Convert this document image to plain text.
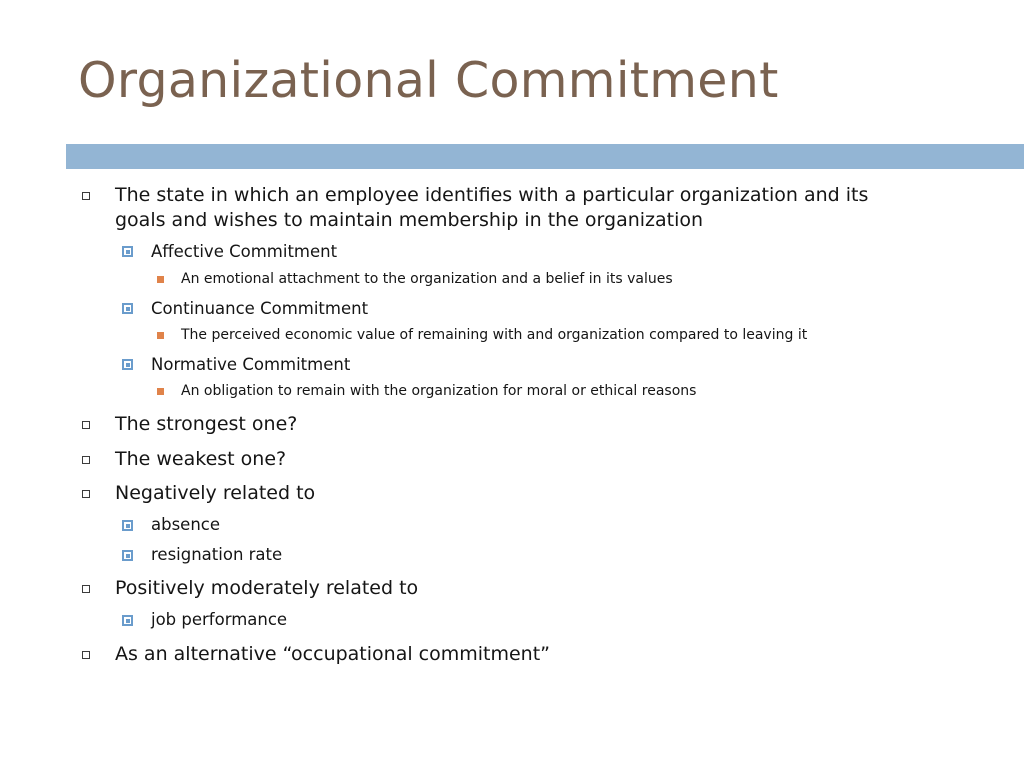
Organizational Commitment
The state in which an employee identifies with a particular organization and its
goals and wishes to maintain membership in the organization
Affective Commitment
An emotional attachment to the organization and a belief in its values
Continuance Commitment
The perceived economic value of remaining with and organization compared to leaving it
Normative Commitment
An obligation to remain with the organization for moral or ethical reasons
The strongest one?
The weakest one?
Negatively related to
absence
resignation rate
Positively moderately related to
job performance
As an alternative “occupational commitment”
